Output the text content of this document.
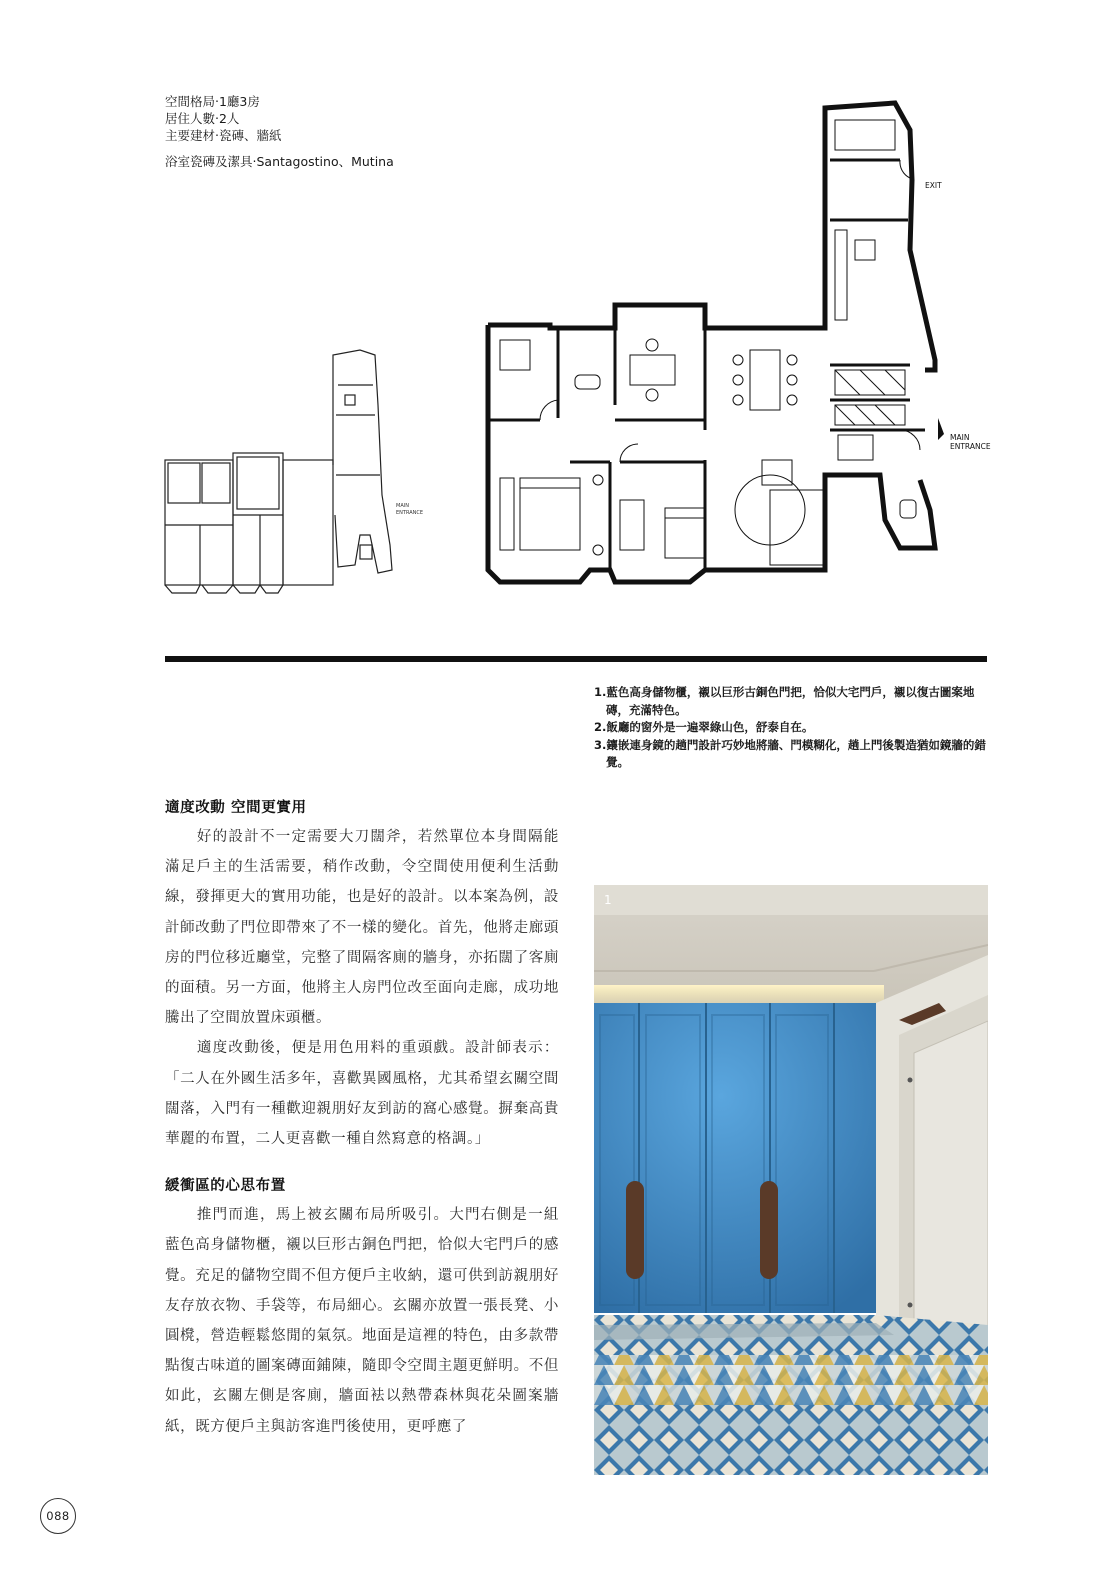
空間格局‧1廳3房
居住人數‧2人
主要建材‧瓷磚、牆紙
浴室瓷磚及潔具‧Santagostino、Mutina
MAIN
ENTRANCE
EXIT
MAIN
ENTRANCE
1.藍色高身儲物櫃，襯以巨形古銅色門把，恰似大宅門戶，襯以復古圖案地磚，充滿特色。
2.飯廳的窗外是一遍翠綠山色，舒泰自在。
3.鑲嵌連身鏡的趟門設計巧妙地將牆、門模糊化，趟上門後製造猶如鏡牆的錯覺。
適度改動 空間更實用

好的設計不一定需要大刀闊斧，若然單位本身間隔能滿足戶主的生活需要，稍作改動，令空間使用便利生活動線，發揮更大的實用功能，也是好的設計。以本案為例，設計師改動了門位即帶來了不一樣的變化。首先，他將走廊頭房的門位移近廳堂，完整了間隔客廁的牆身，亦拓闊了客廁的面積。另一方面，他將主人房門位改至面向走廊，成功地騰出了空間放置床頭櫃。

適度改動後，便是用色用料的重頭戲。設計師表示：「二人在外國生活多年，喜歡異國風格，尤其希望玄關空間闊落，入門有一種歡迎親朋好友到訪的窩心感覺。摒棄高貴華麗的布置，二人更喜歡一種自然寫意的格調。」

緩衝區的心思布置

推門而進，馬上被玄關布局所吸引。大門右側是一組藍色高身儲物櫃，襯以巨形古銅色門把，恰似大宅門戶的感覺。充足的儲物空間不但方便戶主收納，還可供到訪親朋好友存放衣物、手袋等，布局細心。玄關亦放置一張長凳、小圓櫈，營造輕鬆悠閒的氣氛。地面是這裡的特色，由多款帶點復古味道的圖案磚面鋪陳，隨即令空間主題更鮮明。不但如此，玄關左側是客廁，牆面袪以熱帶森林與花朵圖案牆紙，既方便戶主與訪客進門後使用，更呼應了

1
088
